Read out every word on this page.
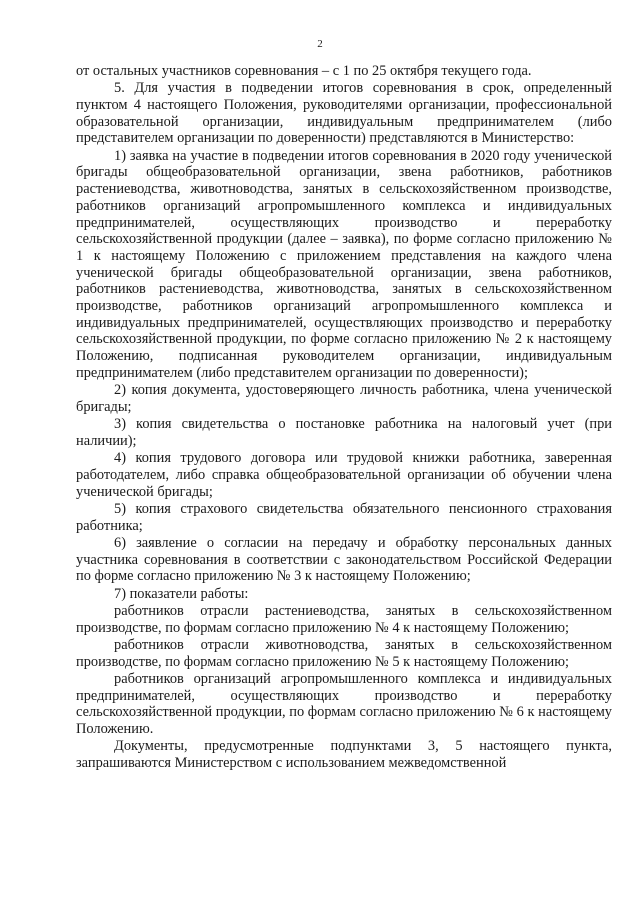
2

от остальных участников соревнования – с 1 по 25 октября текущего года.

5. Для участия в подведении итогов соревнования в срок, определенный пунктом 4 настоящего Положения, руководителями организации, профессиональной образовательной организации, индивидуальным предпринимателем (либо представителем организации по доверенности) представляются в Министерство:

1) заявка на участие в подведении итогов соревнования в 2020 году ученической бригады общеобразовательной организации, звена работников, работников растениеводства, животноводства, занятых в сельскохозяйственном производстве, работников организаций агропромышленного комплекса и индивидуальных предпринимателей, осуществляющих производство и переработку сельскохозяйственной продукции (далее – заявка), по форме согласно приложению № 1 к настоящему Положению с приложением представления на каждого члена ученической бригады общеобразовательной организации, звена работников, работников растениеводства, животноводства, занятых в сельскохозяйственном производстве, работников организаций агропромышленного комплекса и индивидуальных предпринимателей, осуществляющих производство и переработку сельскохозяйственной продукции, по форме согласно приложению № 2 к настоящему Положению, подписанная руководителем организации, индивидуальным предпринимателем (либо представителем организации по доверенности);

2) копия документа, удостоверяющего личность работника, члена ученической бригады;

3) копия свидетельства о постановке работника на налоговый учет (при наличии);

4) копия трудового договора или трудовой книжки работника, заверенная работодателем, либо справка общеобразовательной организации об обучении члена ученической бригады;

5) копия страхового свидетельства обязательного пенсионного страхования работника;

6) заявление о согласии на передачу и обработку персональных данных участника соревнования в соответствии с законодательством Российской Федерации по форме согласно приложению № 3 к настоящему Положению;

7) показатели работы:

работников отрасли растениеводства, занятых в сельскохозяйственном производстве, по формам согласно приложению № 4 к настоящему Положению;

работников отрасли животноводства, занятых в сельскохозяйственном производстве, по формам согласно приложению № 5 к настоящему Положению;

работников организаций агропромышленного комплекса и индивидуальных предпринимателей, осуществляющих производство и переработку сельскохозяйственной продукции, по формам согласно приложению № 6 к настоящему Положению.

Документы, предусмотренные подпунктами 3, 5 настоящего пункта, запрашиваются Министерством с использованием межведомственной
